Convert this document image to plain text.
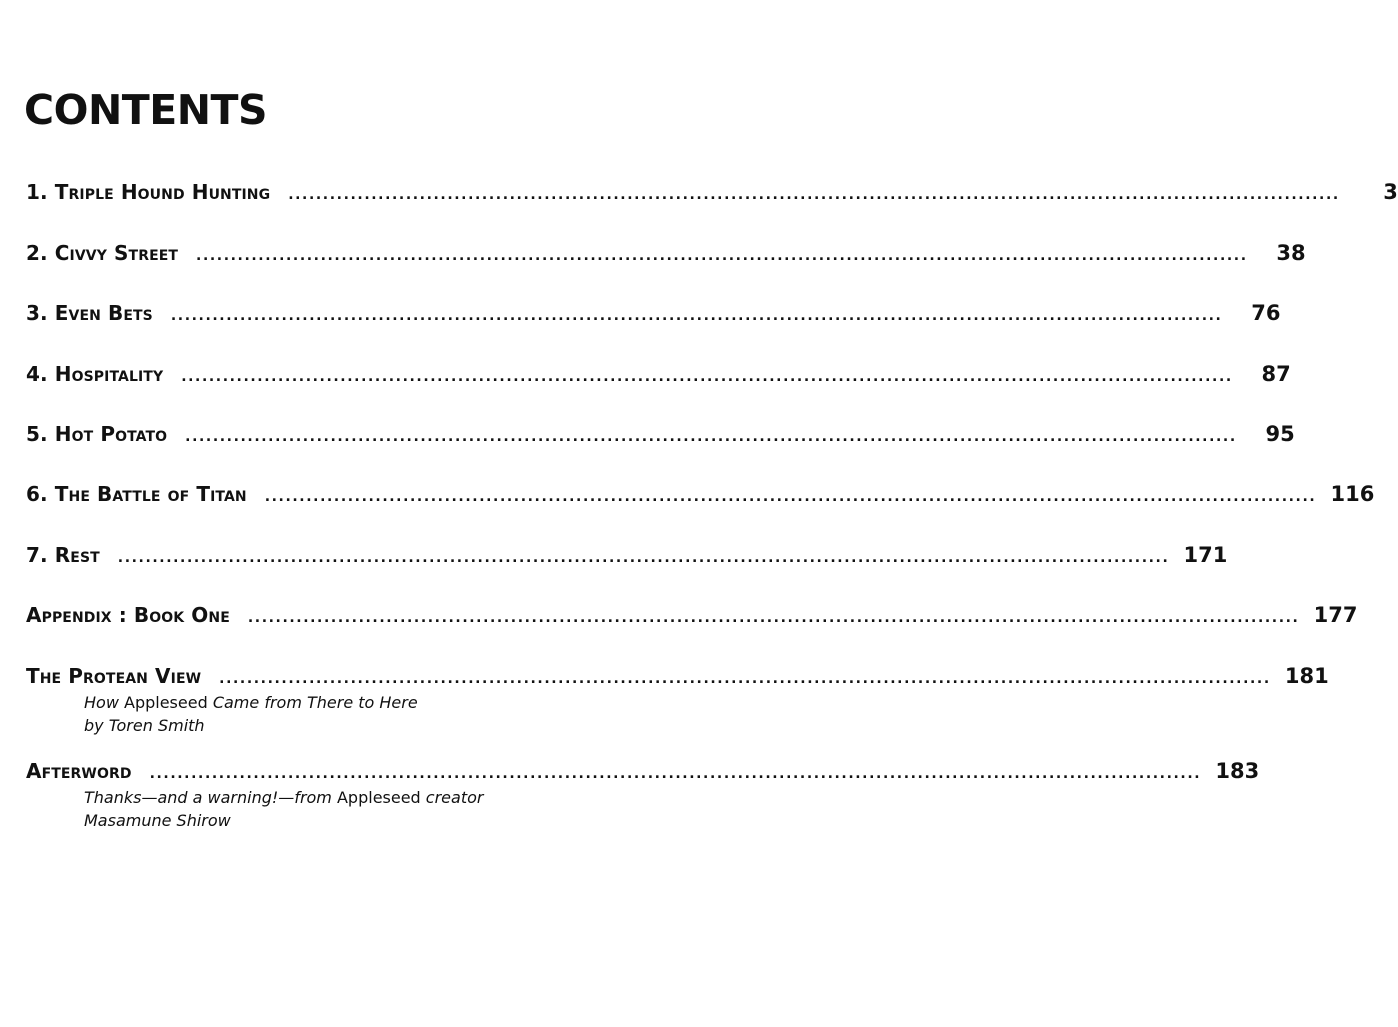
CONTENTS
1. Triple Hound Hunting ........................................................................................................................................................	3
2. Civvy Street ........................................................................................................................................................	38
3. Even Bets ........................................................................................................................................................	76
4. Hospitality ........................................................................................................................................................	87
5. Hot Potato ........................................................................................................................................................	95
6. The Battle of Titan ........................................................................................................................................................ 116
7. Rest ........................................................................................................................................................ 171
Appendix : Book One ........................................................................................................................................................ 177
The Protean View ........................................................................................................................................................ 181
How Appleseed Came from There to Here
by Toren Smith
Afterword ........................................................................................................................................................ 183
Thanks—and a warning!—from Appleseed creator
Masamune Shirow
